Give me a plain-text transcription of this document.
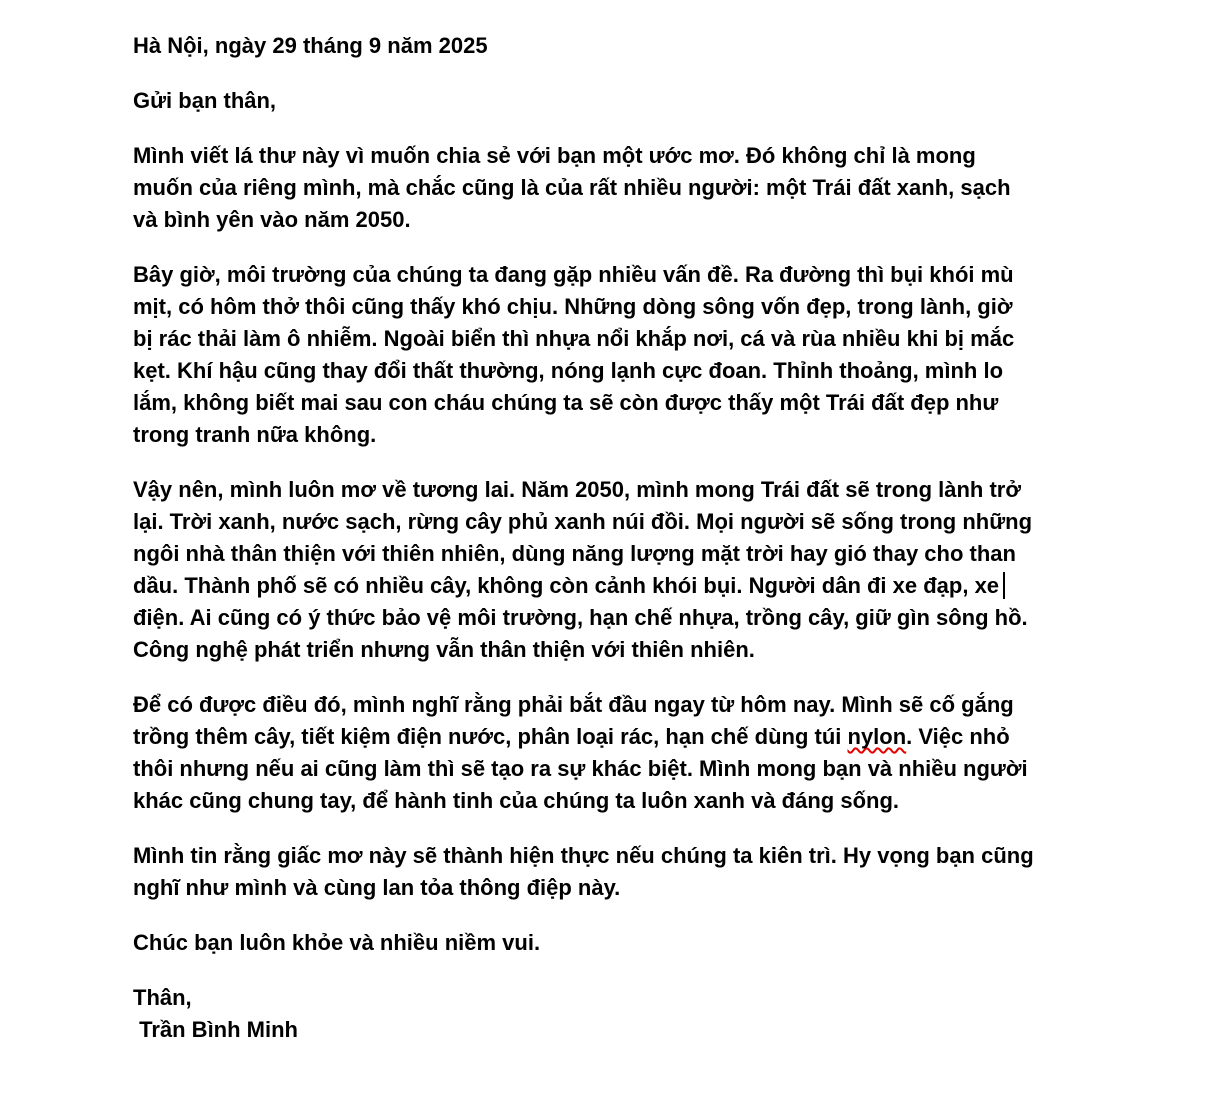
Hà Nội, ngày 29 tháng 9 năm 2025
Gửi bạn thân,
Mình viết lá thư này vì muốn chia sẻ với bạn một ước mơ. Đó không chỉ là mong
muốn của riêng mình, mà chắc cũng là của rất nhiều người: một Trái đất xanh, sạch
và bình yên vào năm 2050.
Bây giờ, môi trường của chúng ta đang gặp nhiều vấn đề. Ra đường thì bụi khói mù
mịt, có hôm thở thôi cũng thấy khó chịu. Những dòng sông vốn đẹp, trong lành, giờ
bị rác thải làm ô nhiễm. Ngoài biển thì nhựa nổi khắp nơi, cá và rùa nhiều khi bị mắc
kẹt. Khí hậu cũng thay đổi thất thường, nóng lạnh cực đoan. Thỉnh thoảng, mình lo
lắm, không biết mai sau con cháu chúng ta sẽ còn được thấy một Trái đất đẹp như
trong tranh nữa không.
Vậy nên, mình luôn mơ về tương lai. Năm 2050, mình mong Trái đất sẽ trong lành trở
lại. Trời xanh, nước sạch, rừng cây phủ xanh núi đồi. Mọi người sẽ sống trong những
ngôi nhà thân thiện với thiên nhiên, dùng năng lượng mặt trời hay gió thay cho than
dầu. Thành phố sẽ có nhiều cây, không còn cảnh khói bụi. Người dân đi xe đạp, xe
điện. Ai cũng có ý thức bảo vệ môi trường, hạn chế nhựa, trồng cây, giữ gìn sông hồ.
Công nghệ phát triển nhưng vẫn thân thiện với thiên nhiên.
Để có được điều đó, mình nghĩ rằng phải bắt đầu ngay từ hôm nay. Mình sẽ cố gắng
trồng thêm cây, tiết kiệm điện nước, phân loại rác, hạn chế dùng túi nylon. Việc nhỏ
thôi nhưng nếu ai cũng làm thì sẽ tạo ra sự khác biệt. Mình mong bạn và nhiều người
khác cũng chung tay, để hành tinh của chúng ta luôn xanh và đáng sống.
Mình tin rằng giấc mơ này sẽ thành hiện thực nếu chúng ta kiên trì. Hy vọng bạn cũng
nghĩ như mình và cùng lan tỏa thông điệp này.
Chúc bạn luôn khỏe và nhiều niềm vui.
Thân,
Trần Bình Minh
